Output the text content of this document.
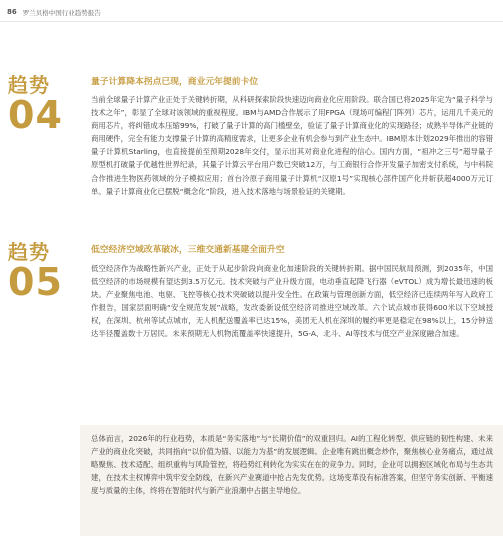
86 罗兰贝格中国行业趋势报告
趋势
04
量子计算降本拐点已现，商业元年提前卡位

当前全球量子计算产业正处于关键转折期，从科研探索阶段快速迈向商业化应用阶段。联合国已将2025年定为“量子科学与技术之年”，彰显了全球对该领域的重视程度。IBM与AMD合作展示了用FPGA（现场可编程门阵列）芯片，运用几千美元的商用芯片，将纠错成本压缩99%，打破了量子计算的高门槛壁垒，验证了量子计算商业化的实现路径；成熟半导体产业链的商用硬件，完全有能力支撑量子计算的高精度需求，让更多企业有机会参与到产业生态中。IBM原本计划2029年推出的容错量子计算机Starling，也直接提前至预期2028年交付，显示出其对商业化进程的信心。国内方面，“祖冲之三号”超导量子原型机打破量子优越性世界纪录，其量子计算云平台用户数已突破12万，与工商银行合作开发量子加密支付系统，与中科院合作推进生物医药领域的分子模拟应用；首台冷原子商用量子计算机“汉原1号”实现核心部件国产化并斩获超4000万元订单。量子计算商业化已摆脱“概念化”阶段，进入技术落地与场景验证的关键期。

趋势
05
低空经济空域改革破冰，三维交通新基建全面升空

低空经济作为战略性新兴产业，正处于从起步阶段向商业化加速阶段的关键转折期。据中国民航局预测，到2035年，中国低空经济的市场规模有望达到3.5万亿元。技术突破与产业升级方面，电动垂直起降飞行器（eVTOL）成为增长最迅速的板块。产业聚焦电池、电驱、飞控等核心技术突破破以提升安全性。在政策与管理创新方面，低空经济已连续两年写入政府工作报告，国家层面明确“安全规范发展”战略，发改委新设低空经济司推进空域改革。六个试点城市获得600米以下空域授权，在深圳、杭州等试点城市，无人机配送覆盖率已达15%，美团无人机在深圳的履约率更是稳定在98%以上，15分钟送达半径覆盖数十万居民。未来预期无人机物流覆盖率快速提升，5G-A、北斗、AI等技术与低空产业深度融合加速。

总体而言，2026年的行业趋势，本质是“务实落地”与“长期价值”的双重回归。AI的工程化转型、供应链的韧性构建、未来产业的商业化突破，共同指向“以价值为锚、以能力为基”的发展逻辑。企业唯有跳出概念炒作，聚焦核心业务痛点，通过战略聚焦、技术适配、组织重构与风险管控，将趋势红利转化为实实在在的竞争力。同时，企业可以拥抱区域化布局与生态共建，在技术主权博弈中筑牢安全防线，在新兴产业赛道中抢占先发优势。这场变革没有标准答案，但坚守务实创新、平衡速度与质量的主体，终将在智能时代与新产业浪潮中占据主导地位。
